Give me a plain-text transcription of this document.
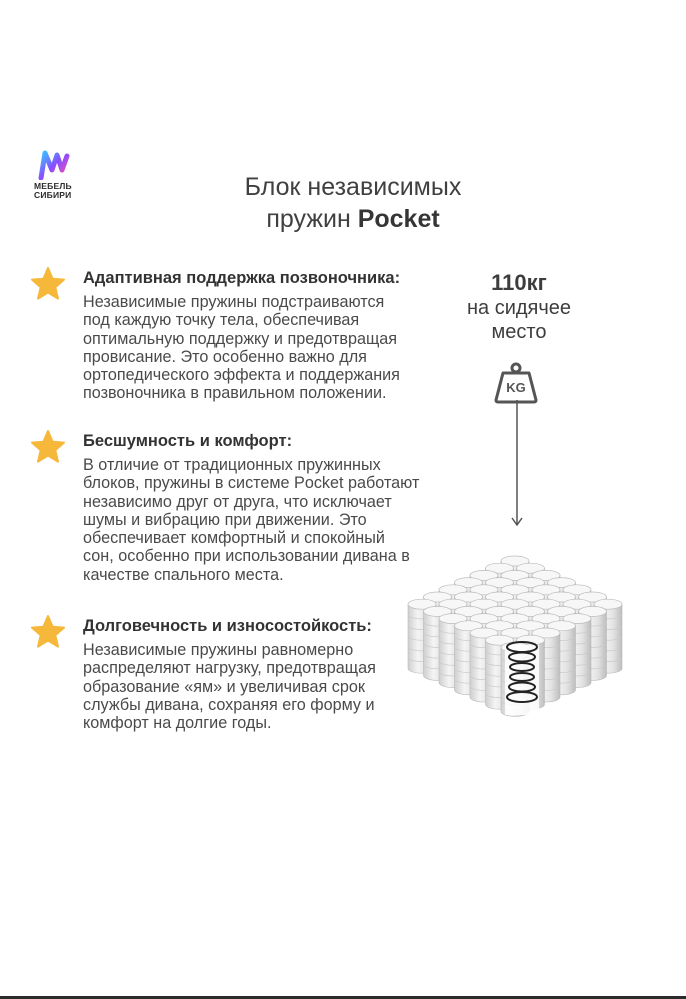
МЕБЕЛЬ
СИБИРИ	Блок независимых
пружин Pocket
Адаптивная поддержка позвоночника:

Независимые пружины подстраиваются
под каждую точку тела, обеспечивая
оптимальную поддержку и предотвращая
провисание. Это особенно важно для
ортопедического эффекта и поддержания
позвоночника в правильном положении.

Бесшумность и комфорт:

В отличие от традиционных пружинных
блоков, пружины в системе Pocket работают
независимо друг от друга, что исключает
шумы и вибрацию при движении. Это
обеспечивает комфортный и спокойный
сон, особенно при использовании дивана в
качестве спального места.

Долговечность и износостойкость:

Независимые пружины равномерно
распределяют нагрузку, предотвращая
образование «ям» и увеличивая срок
службы дивана, сохраняя его форму и
комфорт на долгие годы.

110кг
на сидячее
место
KG
